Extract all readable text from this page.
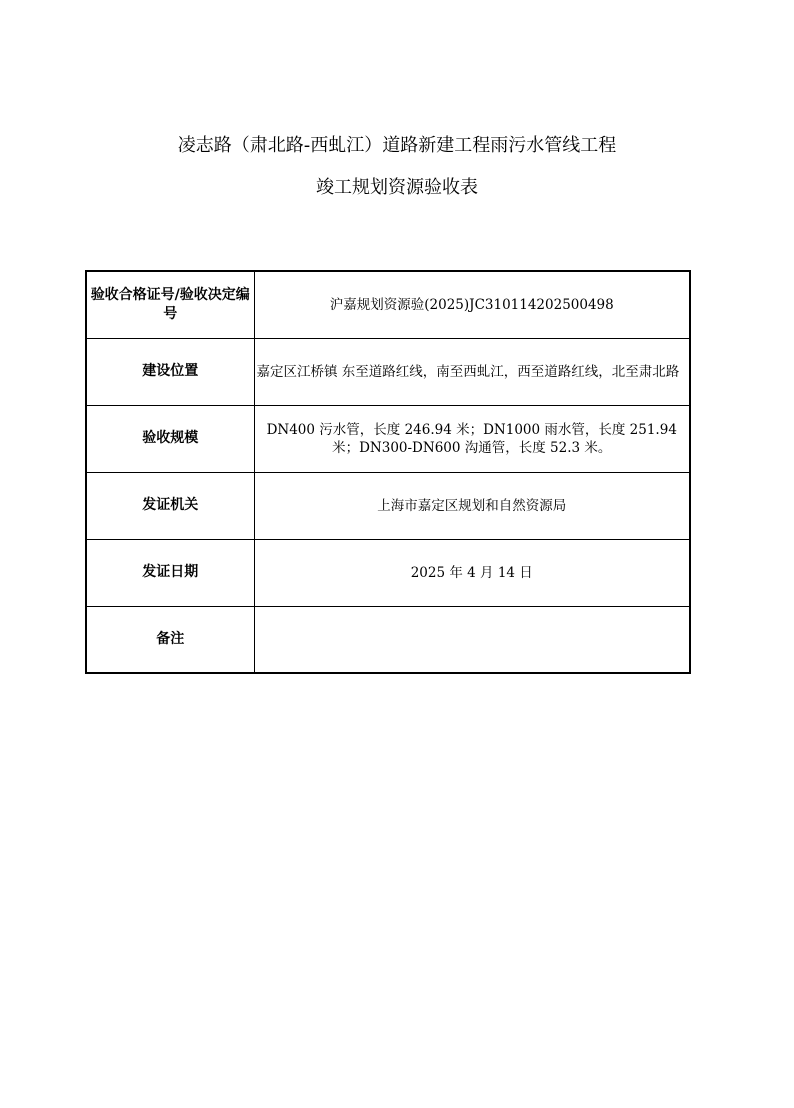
凌志路（肃北路-西虬江）道路新建工程雨污水管线工程
竣工规划资源验收表
验收合格证号/验收决定编号	沪嘉规划资源验(2025)JC310114202500498
建设位置	嘉定区江桥镇 东至道路红线，南至西虬江，西至道路红线，北至肃北路
验收规模	DN400 污水管，长度 246.94 米；DN1000 雨水管，长度 251.94 米；DN300-DN600 沟通管，长度 52.3 米。
发证机关	上海市嘉定区规划和自然资源局
发证日期	2025 年 4 月 14 日
备注	
